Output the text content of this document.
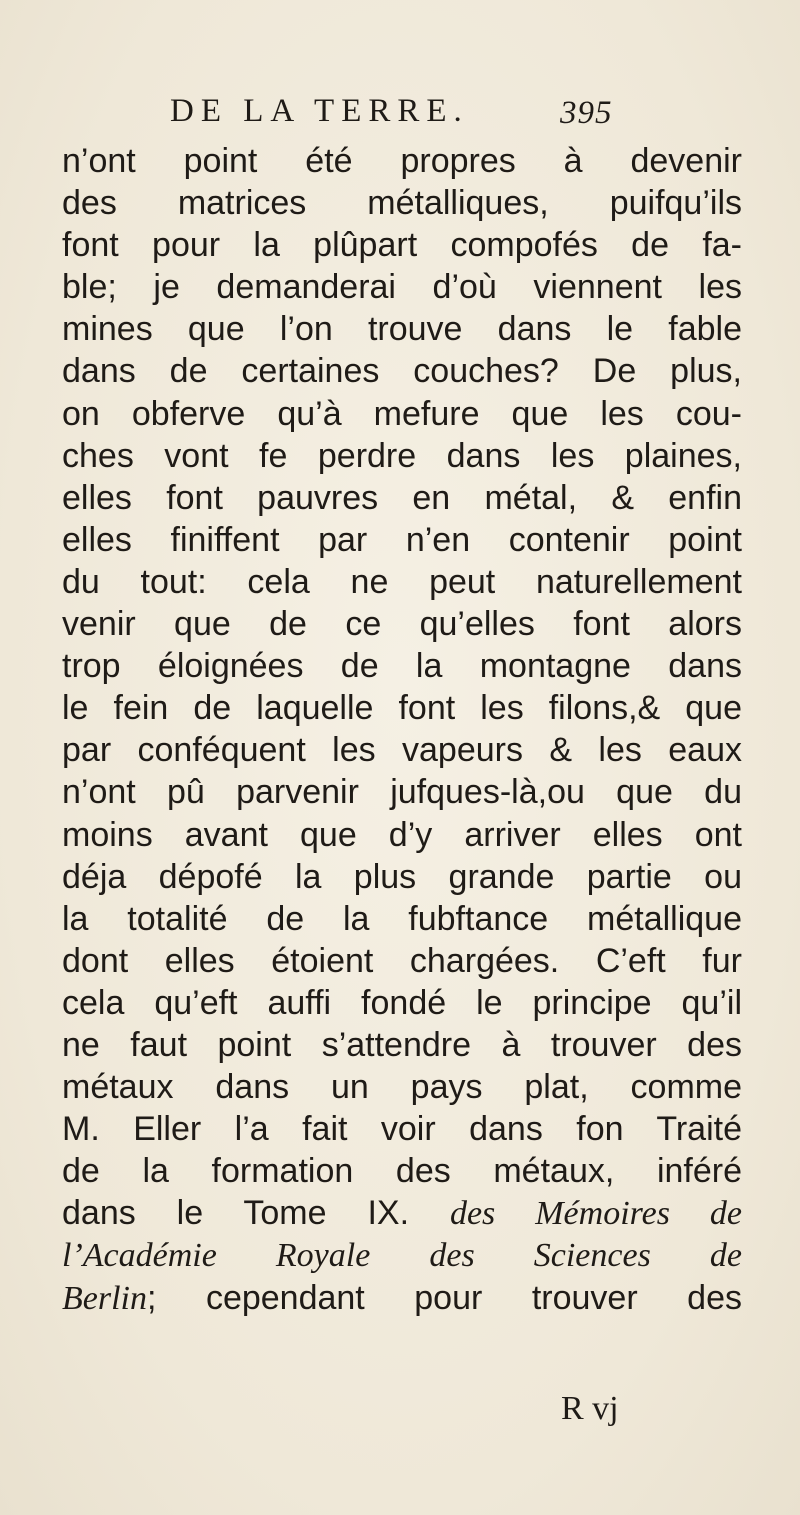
DE LA TERRE.	395
n’ont point été propres à devenir
des matrices métalliques, puifqu’ils
font pour la plûpart compofés de fa-
ble; je demanderai d’où viennent les
mines que l’on trouve dans le fable
dans de certaines couches? De plus,
on obferve qu’à mefure que les cou-
ches vont fe perdre dans les plaines,
elles font pauvres en métal, & enfin
elles finiffent par n’en contenir point
du tout: cela ne peut naturellement
venir que de ce qu’elles font alors
trop éloignées de la montagne dans
le fein de laquelle font les filons,& que
par conféquent les vapeurs & les eaux
n’ont pû parvenir jufques-là,ou que du
moins avant que d’y arriver elles ont
déja dépofé la plus grande partie ou
la totalité de la fubftance métallique
dont elles étoient chargées. C’eft fur
cela qu’eft auffi fondé le principe qu’il
ne faut point s’attendre à trouver des
métaux dans un pays plat, comme
M. Eller l’a fait voir dans fon Traité
de la formation des métaux, inféré
dans le Tome IX. des Mémoires de
l’Académie Royale des Sciences de
Berlin; cependant pour trouver des
R vj
